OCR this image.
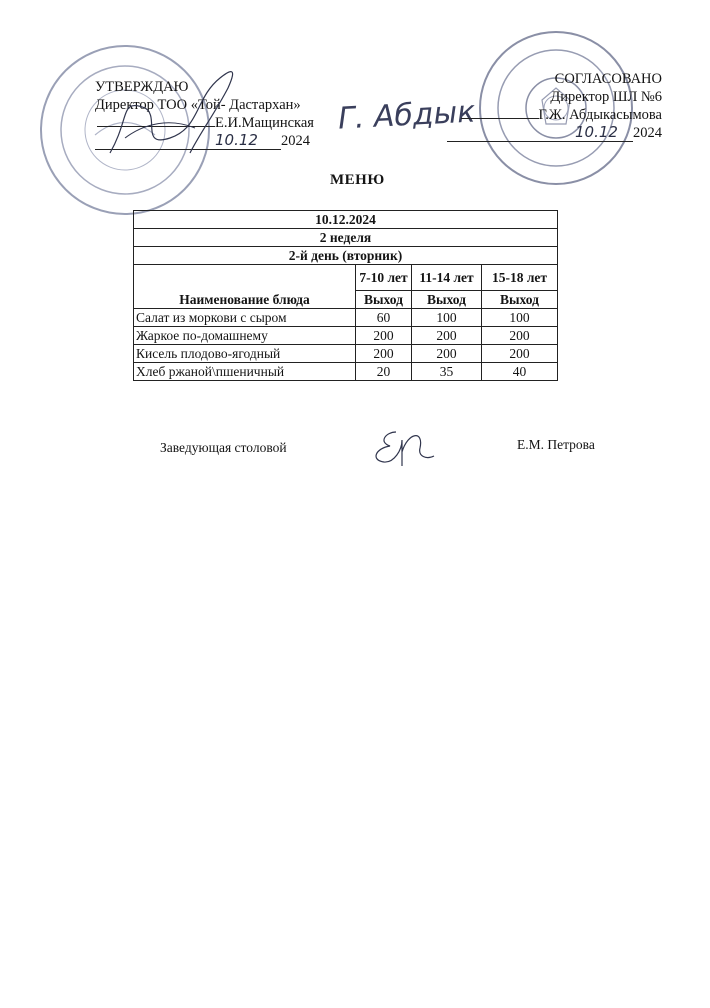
УТВЕРЖДАЮ
Директор ТОО «Той- Дастархан»
Е.И.Мащинская
10.12 2024
Г. Абдык
СОГЛАСОВАНО
Директор ШЛ №6
Г.Ж. Абдыкасымова
10.12 2024
МЕНЮ
10.12.2024			
2 неделя			
2-й день (вторник)			
	7-10 лет	11-14 лет	15-18 лет
Наименование блюда	Выход	Выход	Выход
Салат из моркови с сыром	60	100	100
Жаркое по-домашнему	200	200	200
Кисель плодово-ягодный	200	200	200
Хлеб ржаной\пшеничный	20	35	40
Заведующая столовой	Е.М. Петрова
